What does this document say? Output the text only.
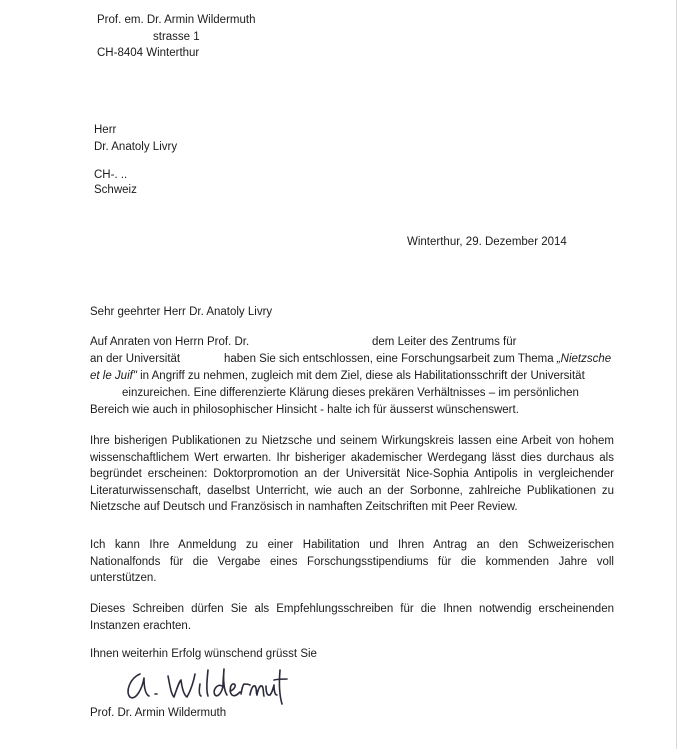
Prof. em. Dr. Armin Wildermuth
strasse 1
CH-8404 Winterthur
Herr
Dr. Anatoly Livry
CH-. ..
Schweiz
Winterthur, 29. Dezember 2014
Sehr geehrter Herr Dr. Anatoly Livry
Auf Anraten von Herrn Prof. Dr.	dem Leiter des Zentrums für
an der Universität	haben Sie sich entschlossen, eine Forschungsarbeit zum Thema „Nietzsche
et le Juif" in Angriff zu nehmen, zugleich mit dem Ziel, diese als Habilitationsschrift der Universität
einzureichen. Eine differenzierte Klärung dieses prekären Verhältnisses – im persönlichen
Bereich wie auch in philosophischer Hinsicht - halte ich für äusserst wünschenswert.
Ihre bisherigen Publikationen zu Nietzsche und seinem Wirkungskreis lassen eine Arbeit von hohem
wissenschaftlichem Wert erwarten. Ihr bisheriger akademischer Werdegang lässt dies durchaus als
begründet erscheinen: Doktorpromotion an der Universität Nice-Sophia Antipolis in vergleichender
Literaturwissenschaft, daselbst Unterricht, wie auch an der Sorbonne, zahlreiche Publikationen zu
Nietzsche auf Deutsch und Französisch in namhaften Zeitschriften mit Peer Review.
Ich kann Ihre Anmeldung zu einer Habilitation und Ihren Antrag an den Schweizerischen
Nationalfonds für die Vergabe eines Forschungsstipendiums für die kommenden Jahre voll
unterstützen.
Dieses Schreiben dürfen Sie als Empfehlungsschreiben für die Ihnen notwendig erscheinenden
Instanzen erachten.
Ihnen weiterhin Erfolg wünschend grüsst Sie
Prof. Dr. Armin Wildermuth
